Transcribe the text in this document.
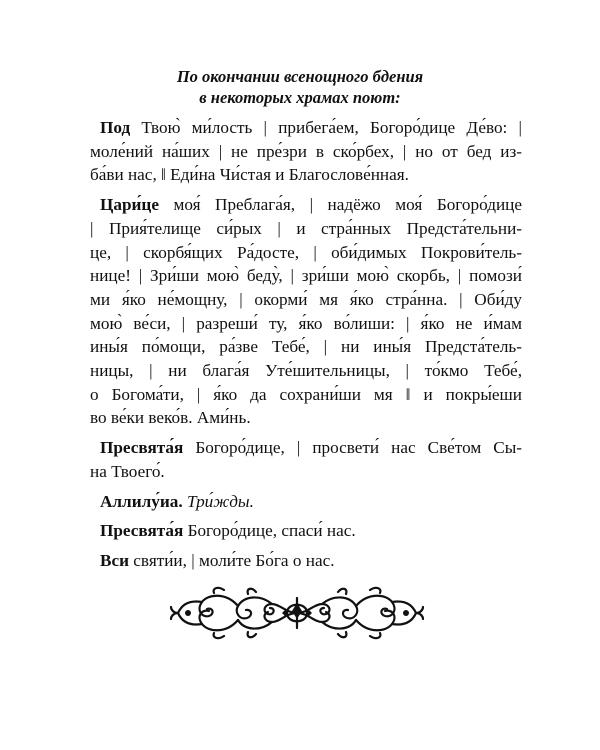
По окончании всенощного бдения
в некоторых храмах поют:
Под Твою̀ ми́лость | прибега́ем, Богоро́дице Де́во: |
моле́ний на́ших | не пре́зри в ско́рбех, | но от бед из-
ба́ви нас, ‖ Еди́на Чи́стая и Благослове́нная.
Цари́це моя́ Преблага́я, | надёжо моя́ Богоро́дице
| Прия́телище си́рых | и стра́нных Предста́тельни-
це, | скорбя́щих Ра́досте, | оби́димых Покрови́тель-
нице! | Зри́ши мою̀ беду̀, | зри́ши мою̀ скорбь, | помози́
ми я́ко не́мощну, | окорми́ мя я́ко стра́нна. | Оби́ду
мою̀ ве́си, | разреши́ ту, я́ко во́лиши: | я́ко не и́мам
ины́я по́мощи, ра́зве Тебе́, | ни ины́я Предста́тель-
ницы, | ни блага́я Уте́шительницы, | то́кмо Тебе́,
о Богома́ти, | я́ко да сохрани́ши мя ‖ и покры́еши
во ве́ки веко́в. Ами́нь.
Пресвята́я Богоро́дице, | просвети́ нас Све́том Сы-
на Твоего́.
Аллилу́иа. Три́жды.
Пресвята́я Богоро́дице, спаси́ нас.
Вси святи́и, | моли́те Бо́га о нас.
